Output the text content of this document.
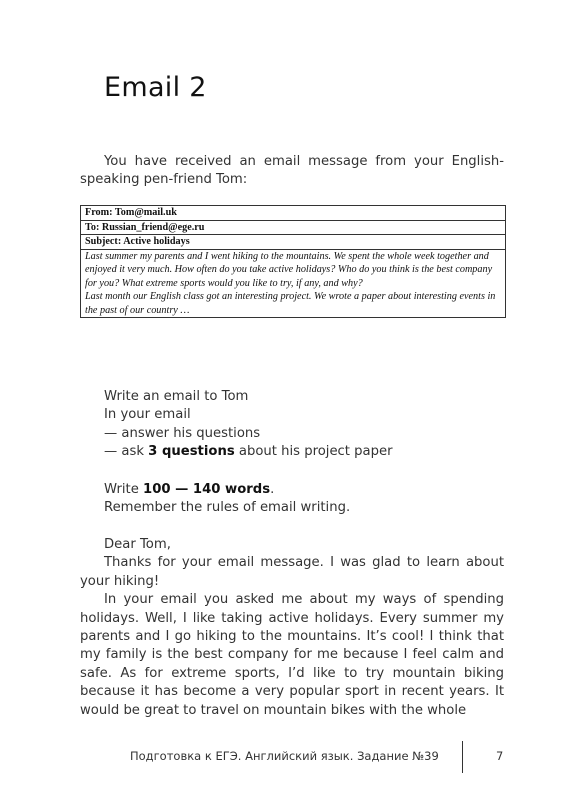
Email 2

You have received an email message from your English-speaking pen-friend Tom:

From: Tom@mail.uk
To: Russian_friend@ege.ru
Subject: Active holidays

Last summer my parents and I went hiking to the mountains. We spent the whole week together and enjoyed it very much. How often do you take active holidays? Who do you think is the best company for you? What extreme sports would you like to try, if any, and why?

Last month our English class got an interesting project. We wrote a paper about interesting events in the past of our country …

Write an email to Tom

In your email

— answer his questions

— ask 3 questions about his project paper

Write 100 — 140 words.

Remember the rules of email writing.

Dear Tom,

Thanks for your email message. I was glad to learn about your hiking!

In your email you asked me about my ways of spending holidays. Well, I like taking active holidays. Every summer my parents and I go hiking to the mountains. It’s cool! I think that my family is the best company for me because I feel calm and safe. As for extreme sports, I’d like to try mountain biking because it has become a very popular sport in recent years. It would be great to travel on mountain bikes with the whole

Подготовка к ЕГЭ. Английский язык. Задание №39	7
